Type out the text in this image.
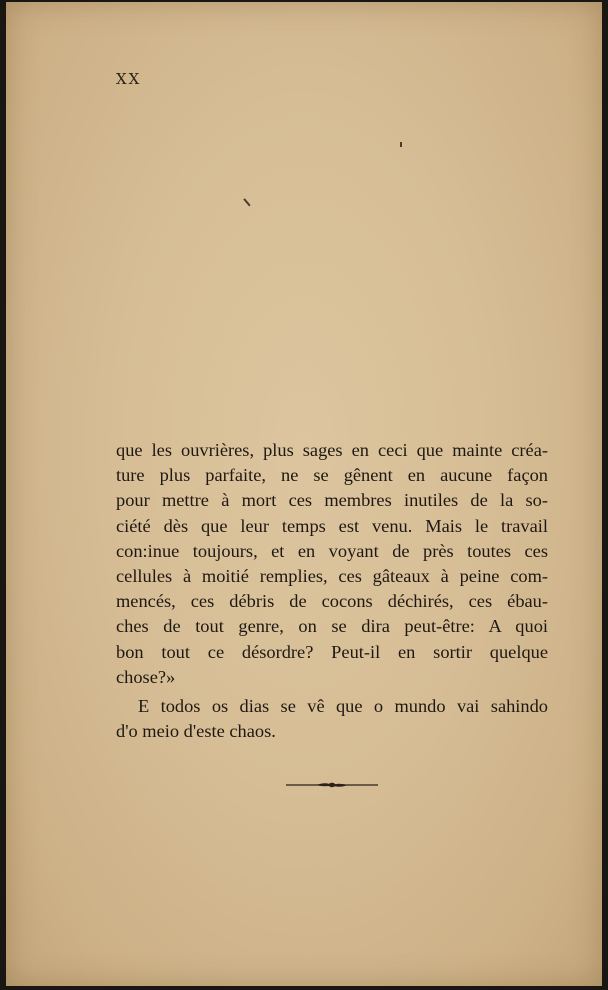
XX
que les ouvrières, plus sages en ceci que mainte créa-
ture plus parfaite, ne se gênent en aucune façon
pour mettre à mort ces membres inutiles de la so-
ciété dès que leur temps est venu. Mais le travail
con:inue toujours, et en voyant de près toutes ces
cellules à moitié remplies, ces gâteaux à peine com-
mencés, ces débris de cocons déchirés, ces ébau-
ches de tout genre, on se dira peut-être: A quoi
bon tout ce désordre? Peut-il en sortir quelque
chose?»
E todos os dias se vê que o mundo vai sahindo
d'o meio d'este chaos.
